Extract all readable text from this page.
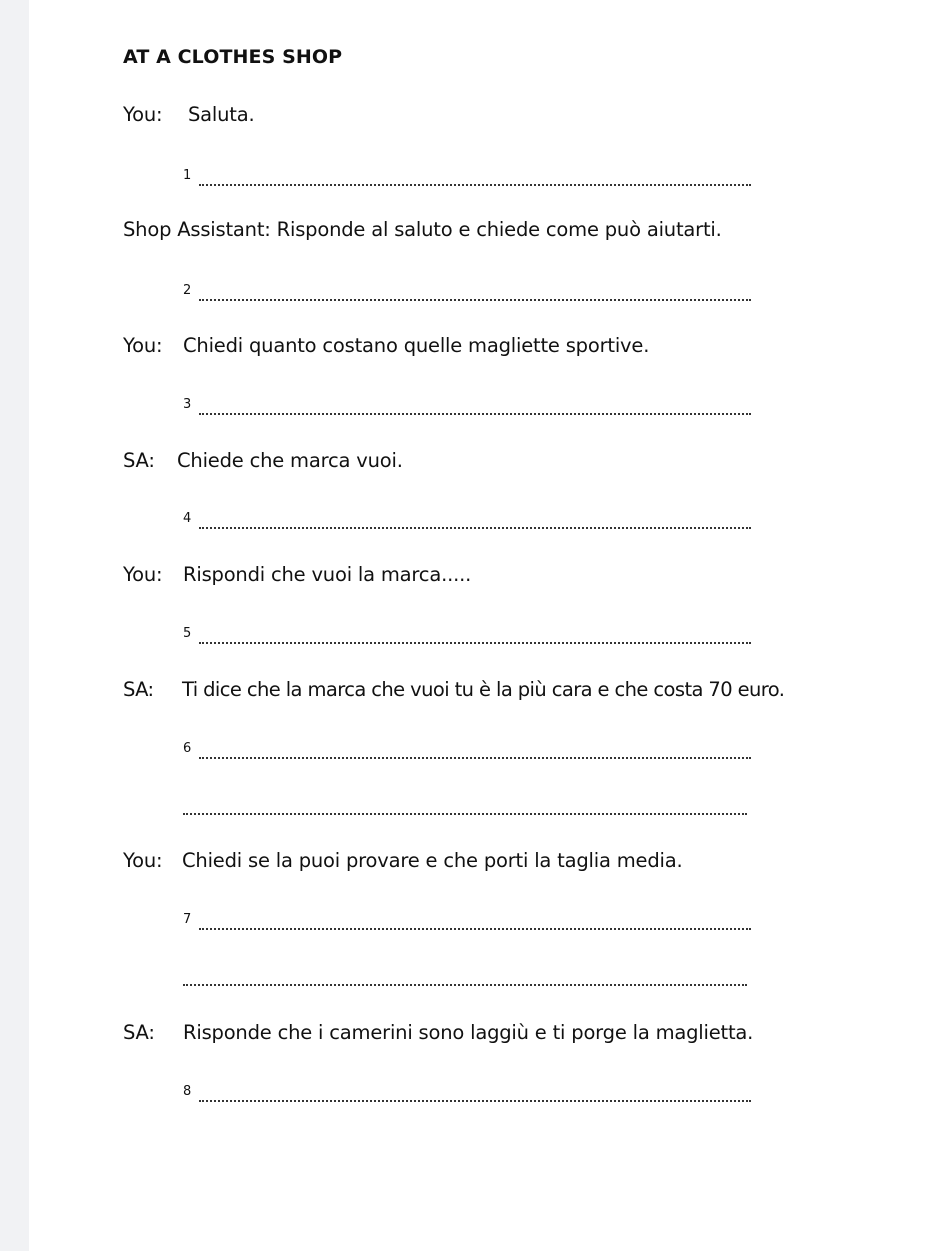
AT A CLOTHES SHOP
You: Saluta.
1
Shop Assistant: Risponde al saluto e chiede come può aiutarti.
2
You: Chiedi quanto costano quelle magliette sportive.
3
SA: Chiede che marca vuoi.
4
You: Rispondi che vuoi la marca.....
5
SA: Ti dice che la marca che vuoi tu è la più cara e che costa 70 euro.
6
You: Chiedi se la puoi provare e che porti la taglia media.
7
SA: Risponde che i camerini sono laggiù e ti porge la maglietta.
8
